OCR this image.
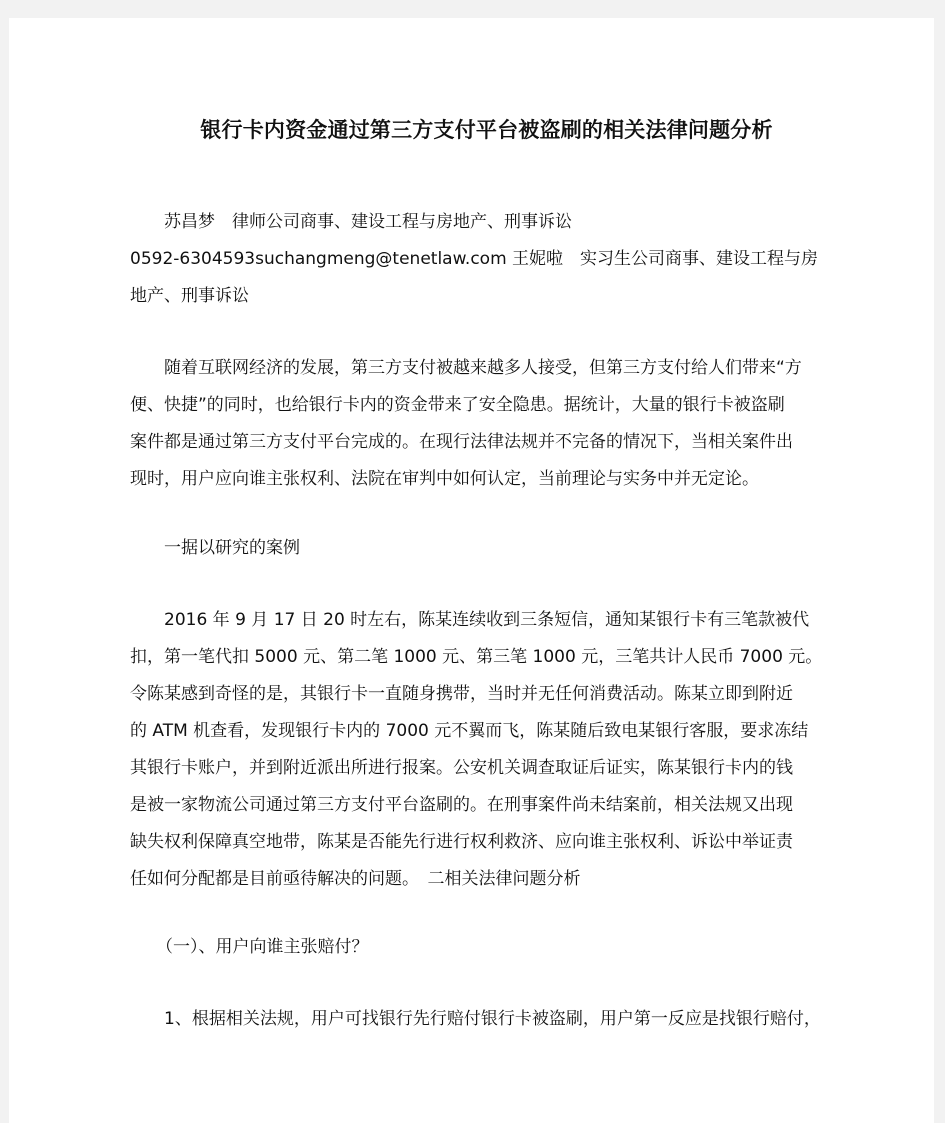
银行卡内资金通过第三方支付平台被盗刷的相关法律问题分析
苏昌梦　律师公司商事、建设工程与房地产、刑事诉讼
0592-6304593suchangmeng@tenetlaw.com 王妮啦　实习生公司商事、建设工程与房
地产、刑事诉讼
随着互联网经济的发展，第三方支付被越来越多人接受，但第三方支付给人们带来“方
便、快捷”的同时，也给银行卡内的资金带来了安全隐患。据统计，大量的银行卡被盗刷
案件都是通过第三方支付平台完成的。在现行法律法规并不完备的情况下，当相关案件出
现时，用户应向谁主张权利、法院在审判中如何认定，当前理论与实务中并无定论。
一据以研究的案例
2016 年 9 月 17 日 20 时左右，陈某连续收到三条短信，通知某银行卡有三笔款被代
扣，第一笔代扣 5000 元、第二笔 1000 元、第三笔 1000 元，三笔共计人民币 7000 元。
令陈某感到奇怪的是，其银行卡一直随身携带，当时并无任何消费活动。陈某立即到附近
的 ATM 机查看，发现银行卡内的 7000 元不翼而飞，陈某随后致电某银行客服，要求冻结
其银行卡账户，并到附近派出所进行报案。公安机关调查取证后证实，陈某银行卡内的钱
是被一家物流公司通过第三方支付平台盗刷的。在刑事案件尚未结案前，相关法规又出现
缺失权利保障真空地带，陈某是否能先行进行权利救济、应向谁主张权利、诉讼中举证责
任如何分配都是目前亟待解决的问题。　二相关法律问题分析
（一）、用户向谁主张赔付？
1、根据相关法规，用户可找银行先行赔付银行卡被盗刷，用户第一反应是找银行赔付，
